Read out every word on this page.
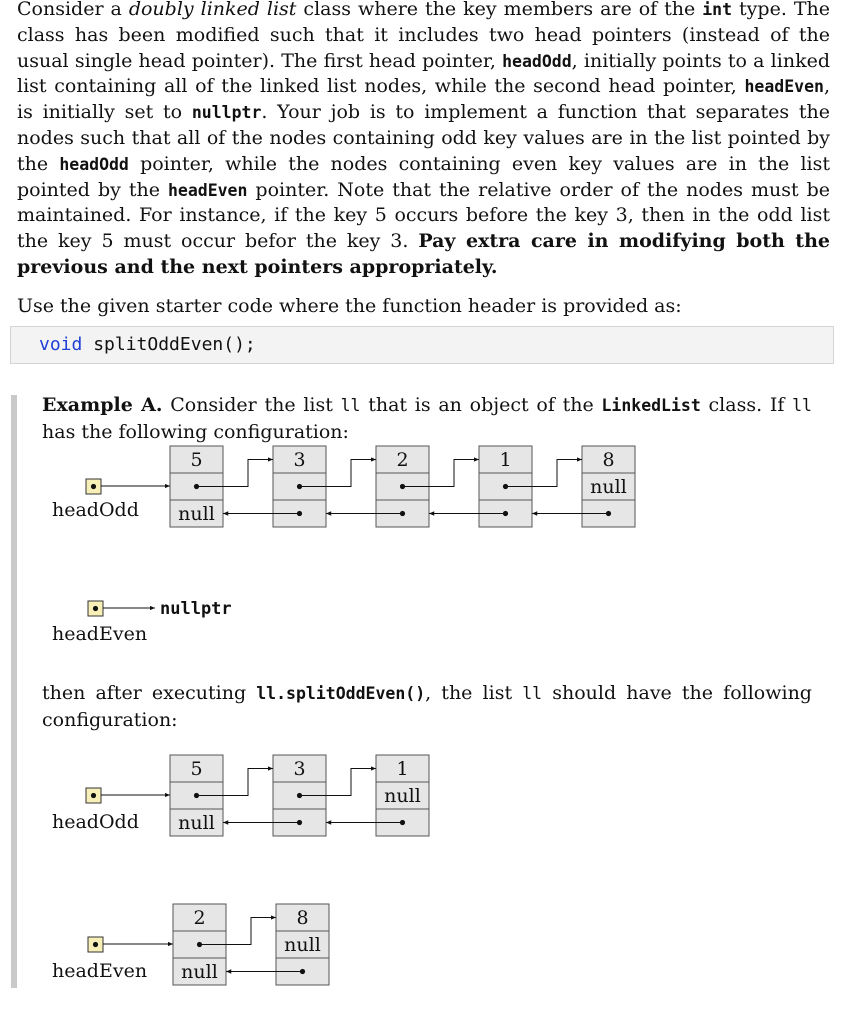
Consider a doubly linked list class where the key members are of the int type. The class has been modified such that it includes two head pointers (instead of the usual single head pointer). The first head pointer, headOdd, initially points to a linked list containing all of the linked list nodes, while the second head pointer, headEven, is initially set to nullptr. Your job is to implement a function that separates the nodes such that all of the nodes containing odd key values are in the list pointed by the headOdd pointer, while the nodes containing even key values are in the list pointed by the headEven pointer. Note that the relative order of the nodes must be maintained. For instance, if the key 5 occurs before the key 3, then in the odd list the key 5 must occur befor the key 3. Pay extra care in modifying both the previous and the next pointers appropriately.
Use the given starter code where the function header is provided as:
void splitOddEven();
Example A. Consider the list ll that is an object of the LinkedList class. If ll has the following configuration:
then after executing ll.splitOddEven(), the list ll should have the following configuration:
5
null
3	2	1	8
null
headOdd
headEven
nullptr
5
null
3	1
null
headOdd
2
null
8
null
headEven
